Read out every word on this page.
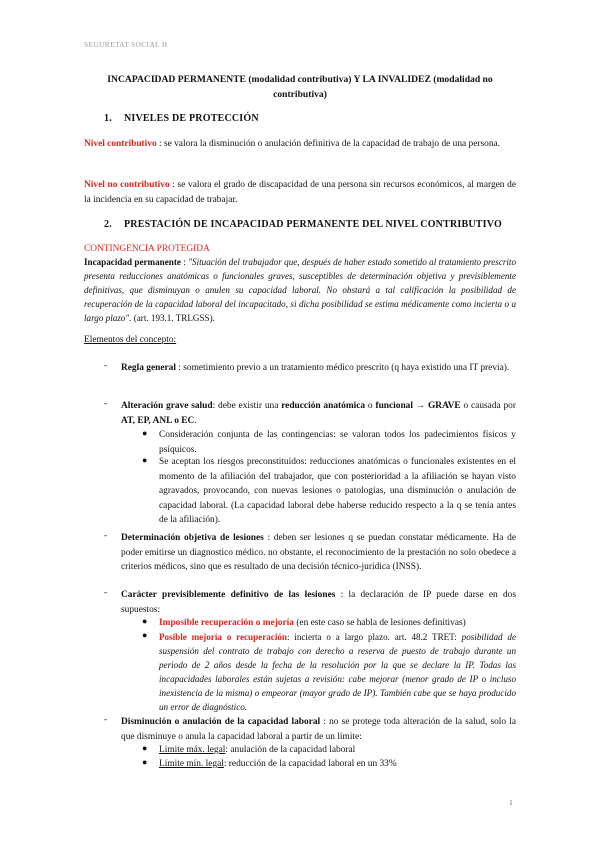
SEGURETAT SOCIAL II
INCAPACIDAD PERMANENTE (modalidad contributiva) Y LA INVALIDEZ (modalidad no
contributiva)
1. NIVELES DE PROTECCIÓN
Nivel contributivo : se valora la disminución o anulación definitiva de la capacidad de trabajo de una persona.
Nivel no contributivo : se valora el grado de discapacidad de una persona sin recursos económicos, al margen de la incidencia en su capacidad de trabajar.
2. PRESTACIÓN DE INCAPACIDAD PERMANENTE DEL NIVEL CONTRIBUTIVO
CONTINGENCIA PROTEGIDA
Incapacidad permanente : "Situación del trabajador que, después de haber estado sometido al tratamiento prescrito presenta reducciones anatómicas o funcionales graves, susceptibles de determinación objetiva y previsiblemente definitivas, que disminuyan o anulen su capacidad laboral. No obstará a tal calificación la posibilidad de recuperación de la capacidad laboral del incapacitado, si dicha posibilidad se estima médicamente como incierta o a largo plazo". (art. 193.1. TRLGSS).
Elementos del concepto:
- Regla general : sometimiento previo a un tratamiento médico prescrito (q haya existido una IT previa).
- Alteración grave salud: debe existir una reducción anatómica o funcional → GRAVE o causada por AT, EP, ANL o EC.
● Consideración conjunta de las contingencias: se valoran todos los padecimientos físicos y psíquicos.
● Se aceptan los riesgos preconstituidos: reducciones anatómicas o funcionales existentes en el momento de la afiliación del trabajador, que con posterioridad a la afiliación se hayan visto agravados, provocando, con nuevas lesiones o patologías, una disminución o anulación de capacidad laboral. (La capacidad laboral debe haberse reducido respecto a la q se tenía antes de la afiliación).
- Determinación objetiva de lesiones : deben ser lesiones q se puedan constatar médicamente. Ha de poder emitirse un diagnostico médico. no obstante, el reconocimiento de la prestación no solo obedece a criterios médicos, sino que es resultado de una decisión técnico-jurídica (INSS).
- Carácter previsiblemente definitivo de las lesiones : la declaración de IP puede darse en dos supuestos:
● Imposible recuperación o mejoría (en este caso se habla de lesiones definitivas)
● Posible mejoría o recuperación: incierta o a largo plazo. art. 48.2 TRET: posibilidad de suspensión del contrato de trabajo con derecho a reserva de puesto de trabajo durante un periodo de 2 años desde la fecha de la resolución por la que se declare la IP. Todas las incapacidades laborales están sujetas a revisión: cabe mejorar (menor grado de IP o incluso inexistencia de la misma) o empeorar (mayor grado de IP). También cabe que se haya producido un error de diagnóstico.
- Disminución o anulación de la capacidad laboral : no se protege toda alteración de la salud, solo la que disminuye o anula la capacidad laboral a partir de un límite:
● Límite máx. legal: anulación de la capacidad laboral
● Límite mín. legal: reducción de la capacidad laboral en un 33%
1
